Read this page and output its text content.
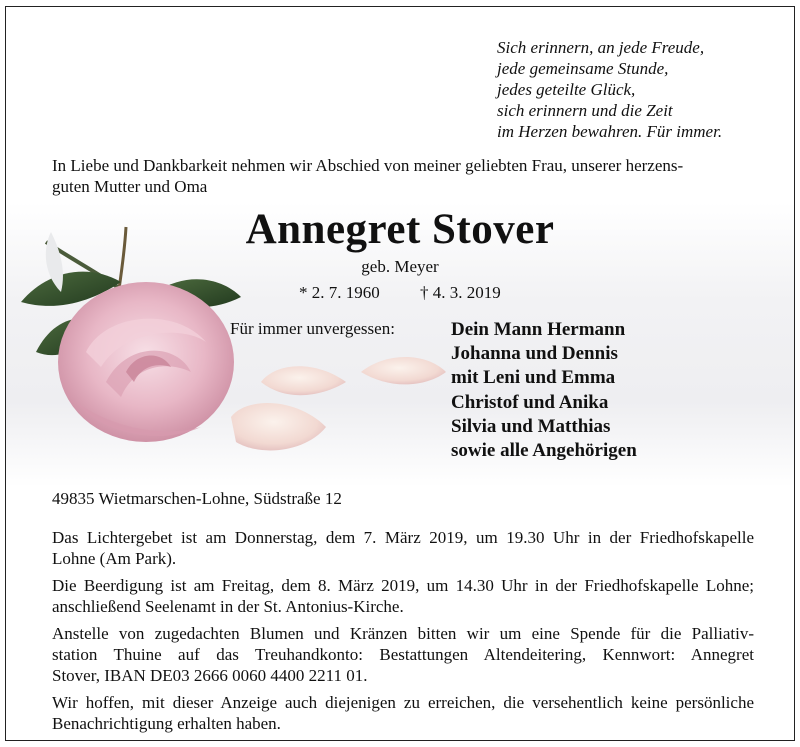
Sich erinnern, an jede Freude,
jede gemeinsame Stunde,
jedes geteilte Glück,
sich erinnern und die Zeit
im Herzen bewahren. Für immer.
In Liebe und Dankbarkeit nehmen wir Abschied von meiner geliebten Frau, unserer herzens-
guten Mutter und Oma
Annegret Stover
geb. Meyer
* 2. 7. 1960 † 4. 3. 2019
Für immer unvergessen:	Dein Mann Hermann
Johanna und Dennis
mit Leni und Emma
Christof und Anika
Silvia und Matthias
sowie alle Angehörigen
49835 Wietmarschen-Lohne, Südstraße 12

Das Lichtergebet ist am Donnerstag, dem 7. März 2019, um 19.30 Uhr in der Friedhofskapelle
Lohne (Am Park).

Die Beerdigung ist am Freitag, dem 8. März 2019, um 14.30 Uhr in der Friedhofskapelle Lohne;
anschließend Seelenamt in der St. Antonius-Kirche.

Anstelle von zugedachten Blumen und Kränzen bitten wir um eine Spende für die Palliativ-
station Thuine auf das Treuhandkonto: Bestattungen Altendeitering, Kennwort: Annegret
Stover, IBAN DE03 2666 0060 4400 2211 01.

Wir hoffen, mit dieser Anzeige auch diejenigen zu erreichen, die versehentlich keine persönliche
Benachrichtigung erhalten haben.
